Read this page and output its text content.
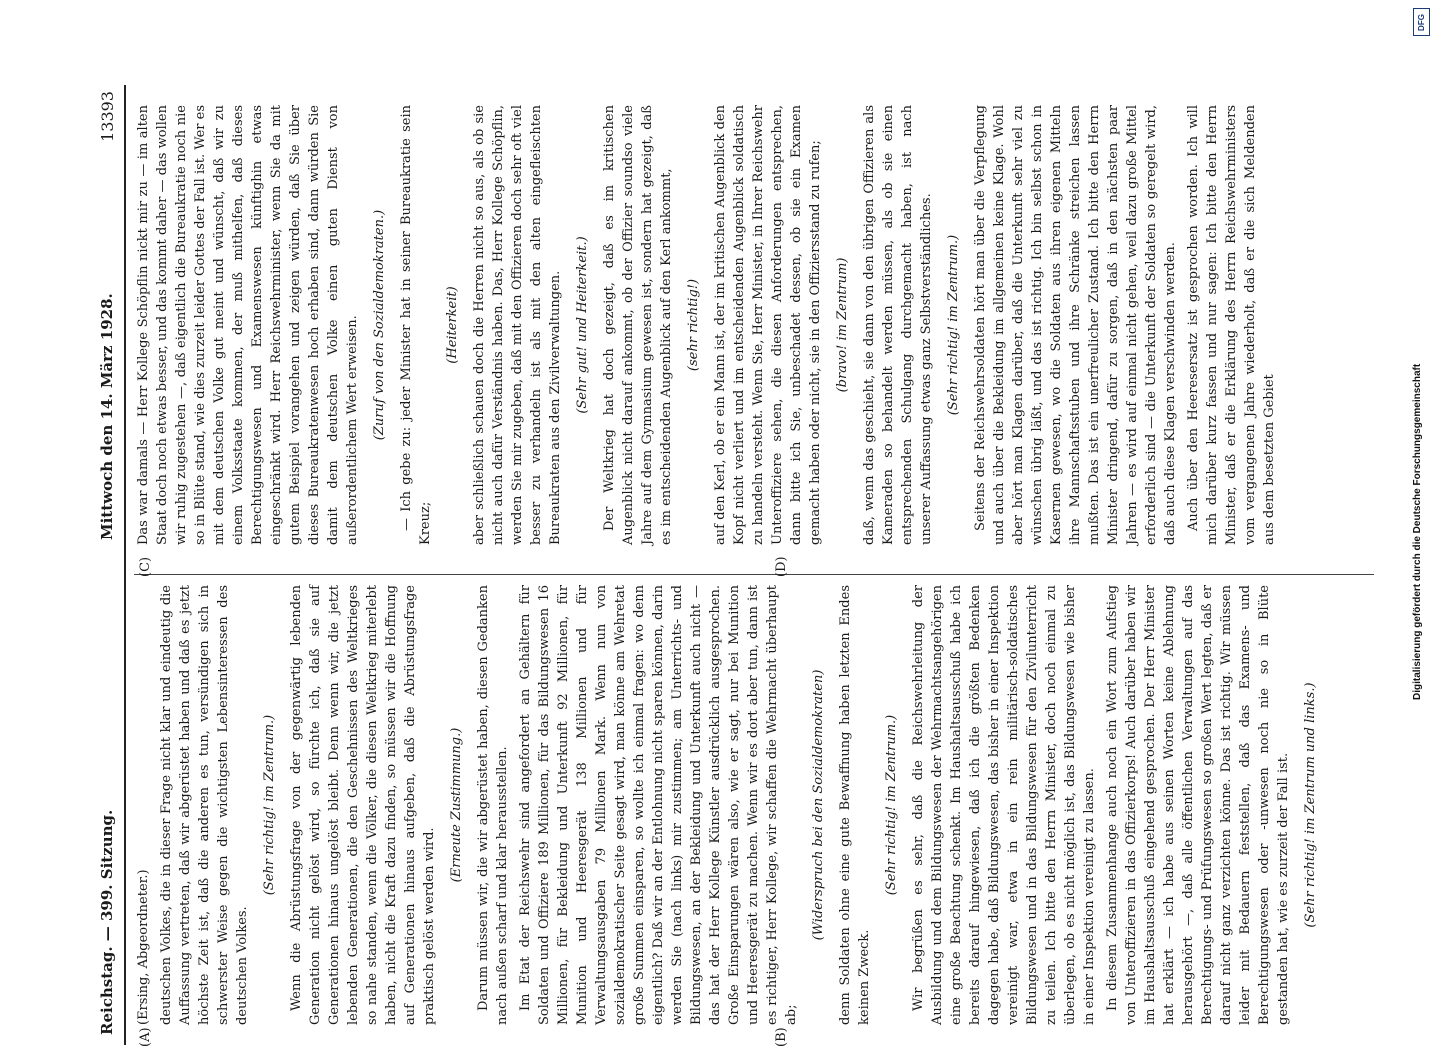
Reichstag. — 399. Sitzung.
Mittwoch den 14. März 1928.
13393
(A)	(B)
(C)	(D)

(Ersing, Abgeordneter.) deutschen Volkes, die in dieser Frage nicht klar und eindeutig die Auffassung vertreten, daß wir abgerüstet haben und daß es jetzt höchste Zeit ist, daß die anderen es tun, versündigen sich in schwerster Weise gegen die wichtigsten Lebensinteressen des deutschen Volkes.

(Sehr richtig! im Zentrum.) Wenn die Abrüstungsfrage von der gegenwärtig lebenden Generation nicht gelöst wird, so fürchte ich, daß sie auf Generationen hinaus ungelöst bleibt. Denn wenn wir, die jetzt lebenden Generationen, die den Geschehnissen des Weltkrieges so nahe standen, wenn die Völker, die diesen Weltkrieg miterlebt haben, nicht die Kraft dazu finden, so müssen wir die Hoffnung auf Generationen hinaus aufgeben, daß die Abrüstungsfrage praktisch gelöst werden wird.

(Erneute Zustimmung.) Darum müssen wir, die wir abgerüstet haben, diesen Gedanken nach außen scharf und klar herausstellen. Im Etat der Reichswehr sind angefordert an Gehältern für Soldaten und Offiziere 189 Millionen, für das Bildungswesen 16 Millionen, für Bekleidung und Unterkunft 92 Millionen, für Munition und Heeresgerät 138 Millionen und für Verwaltungsausgaben 79 Millionen Mark. Wenn nun von sozialdemokratischer Seite gesagt wird, man könne am Wehretat große Summen einsparen, so wollte ich einmal fragen: wo denn eigentlich? Daß wir an der Entlohnung nicht sparen können, darin werden Sie (nach links) mir zustimmen; am Unterrichts- und Bildungswesen, an der Bekleidung und Unterkunft auch nicht — das hat der Herr Kollege Künstler ausdrücklich ausgesprochen. Große Einsparungen wären also, wie er sagt, nur bei Munition und Heeresgerät zu machen. Wenn wir es dort aber tun, dann ist es richtiger, Herr Kollege, wir schaffen die Wehrmacht überhaupt ab;

(Widerspruch bei den Sozialdemokraten) denn Soldaten ohne eine gute Bewaffnung haben letzten Endes keinen Zweck.

(Sehr richtig! im Zentrum.) Wir begrüßen es sehr, daß die Reichswehrleitung der Ausbildung und dem Bildungswesen der Wehrmachtsangehörigen eine große Beachtung schenkt. Im Haushaltsausschuß habe ich bereits darauf hingewiesen, daß ich die größten Bedenken dagegen habe, daß Bildungswesen, das bisher in einer Inspektion vereinigt war, etwa in ein rein militärisch-soldatisches Bildungswesen und in das Bildungswesen für den Zivilunterricht zu teilen. Ich bitte den Herrn Minister, doch noch einmal zu überlegen, ob es nicht möglich ist, das Bildungswesen wie bisher in einer Inspektion vereinigt zu lassen. In diesem Zusammenhange auch noch ein Wort zum Aufstieg von Unteroffizieren in das Offizierkorps! Auch darüber haben wir im Haushaltsausschuß eingehend gesprochen. Der Herr Minister hat erklärt — ich habe aus seinen Worten keine Ablehnung herausgehört —, daß alle öffentlichen Verwaltungen auf das Berechtigungs- und Prüfungswesen so großen Wert legten, daß er darauf nicht ganz verzichten könne. Das ist richtig. Wir müssen leider mit Bedauern feststellen, daß das Examens- und Berechtigungswesen oder -unwesen noch nie so in Blüte gestanden hat, wie es zurzeit der Fall ist. (Sehr richtig! im Zentrum und links.)

Das war damals — Herr Kollege Schöpflin nickt mir zu — im alten Staat doch noch etwas besser, und das kommt daher — das wollen wir ruhig zugestehen —, daß eigentlich die Bureaukratie noch nie so in Blüte stand, wie dies zurzeit leider Gottes der Fall ist. Wer es mit dem deutschen Volke gut meint und wünscht, daß wir zu einem Volksstaate kommen, der muß mithelfen, daß dieses Berechtigungswesen und Examenswesen künftighin etwas eingeschränkt wird. Herr Reichswehrminister, wenn Sie da mit gutem Beispiel vorangehen und zeigen würden, daß Sie über dieses Bureaukratenwesen hoch erhaben sind, dann würden Sie damit dem deutschen Volke einen guten Dienst von außerordentlichem Wert erweisen. (Zuruf von den Sozialdemokraten.) — Ich gebe zu: jeder Minister hat in seiner Bureaukratie sein Kreuz;

(Heiterkeit) aber schließlich schauen doch die Herren nicht so aus, als ob sie nicht auch dafür Verständnis haben. Das, Herr Kollege Schöpflin, werden Sie mir zugeben, daß mit den Offizieren doch sehr oft viel besser zu verhandeln ist als mit den alten eingefleischten Bureaukraten aus den Zivilverwaltungen. (Sehr gut! und Heiterkeit.) Der Weltkrieg hat doch gezeigt, daß es im kritischen Augenblick nicht darauf ankommt, ob der Offizier soundso viele Jahre auf dem Gymnasium gewesen ist, sondern hat gezeigt, daß es im entscheidenden Augenblick auf den Kerl ankommt, (sehr richtig!) auf den Kerl, ob er ein Mann ist, der im kritischen Augenblick den Kopf nicht verliert und im entscheidenden Augenblick soldatisch zu handeln versteht. Wenn Sie, Herr Minister, in Ihrer Reichswehr Unteroffiziere sehen, die diesen Anforderungen entsprechen, dann bitte ich Sie, unbeschadet dessen, ob sie ein Examen gemacht haben oder nicht, sie in den Offiziersstand zu rufen; (bravo! im Zentrum) daß, wenn das geschieht, sie dann von den übrigen Offizieren als Kameraden so behandelt werden müssen, als ob sie einen entsprechenden Schulgang durchgemacht haben, ist nach unserer Auffassung etwas ganz Selbstverständliches. (Sehr richtig! im Zentrum.) Seitens der Reichswehrsoldaten hört man über die Verpflegung und auch über die Bekleidung im allgemeinen keine Klage. Wohl aber hört man Klagen darüber, daß die Unterkunft sehr viel zu wünschen übrig läßt, und das ist richtig. Ich bin selbst schon in Kasernen gewesen, wo die Soldaten aus ihren eigenen Mitteln ihre Mannschaftsstuben und ihre Schränke streichen lassen mußten. Das ist ein unerfreulicher Zustand. Ich bitte den Herrn Minister dringend, dafür zu sorgen, daß in den nächsten paar Jahren — es wird auf einmal nicht gehen, weil dazu große Mittel erforderlich sind — die Unterkunft der Soldaten so geregelt wird, daß auch diese Klagen verschwinden werden. Auch über den Heeresersatz ist gesprochen worden. Ich will mich darüber kurz fassen und nur sagen: Ich bitte den Herrn Minister, daß er die Erklärung des Herrn Reichswehrministers vom vergangenen Jahre wiederholt, daß er die sich Meldenden aus dem besetzten Gebiet

DFG
Digitalisierung gefördert durch die Deutsche Forschungsgemeinschaft
